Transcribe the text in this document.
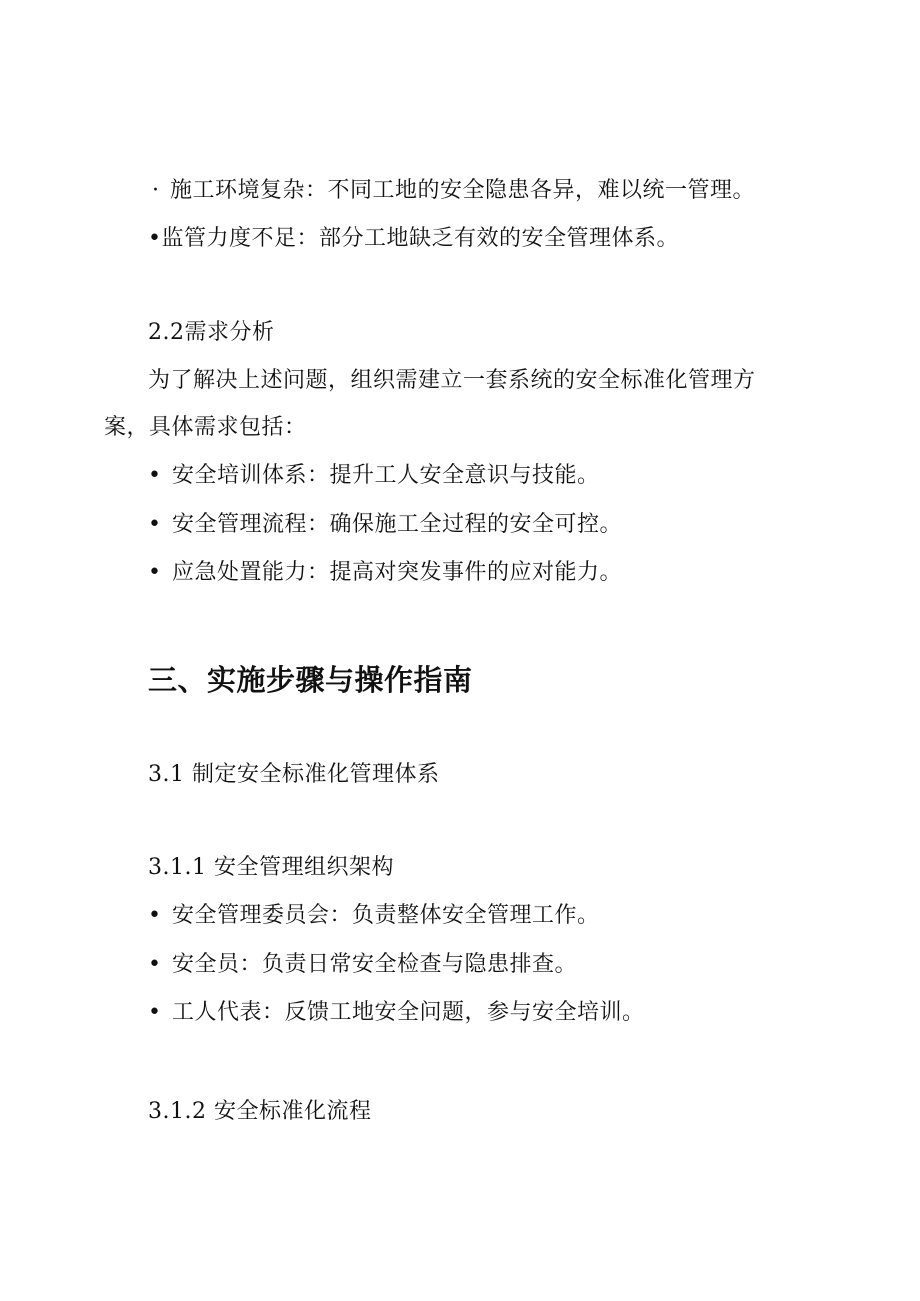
· 施工环境复杂：不同工地的安全隐患各异，难以统一管理。
•监管力度不足：部分工地缺乏有效的安全管理体系。
2.2需求分析
为了解决上述问题，组织需建立一套系统的安全标准化管理方
案，具体需求包括：
• 安全培训体系：提升工人安全意识与技能。
• 安全管理流程：确保施工全过程的安全可控。
• 应急处置能力：提高对突发事件的应对能力。
三、实施步骤与操作指南
3.1 制定安全标准化管理体系
3.1.1 安全管理组织架构
• 安全管理委员会：负责整体安全管理工作。
• 安全员：负责日常安全检查与隐患排查。
• 工人代表：反馈工地安全问题，参与安全培训。
3.1.2 安全标准化流程
